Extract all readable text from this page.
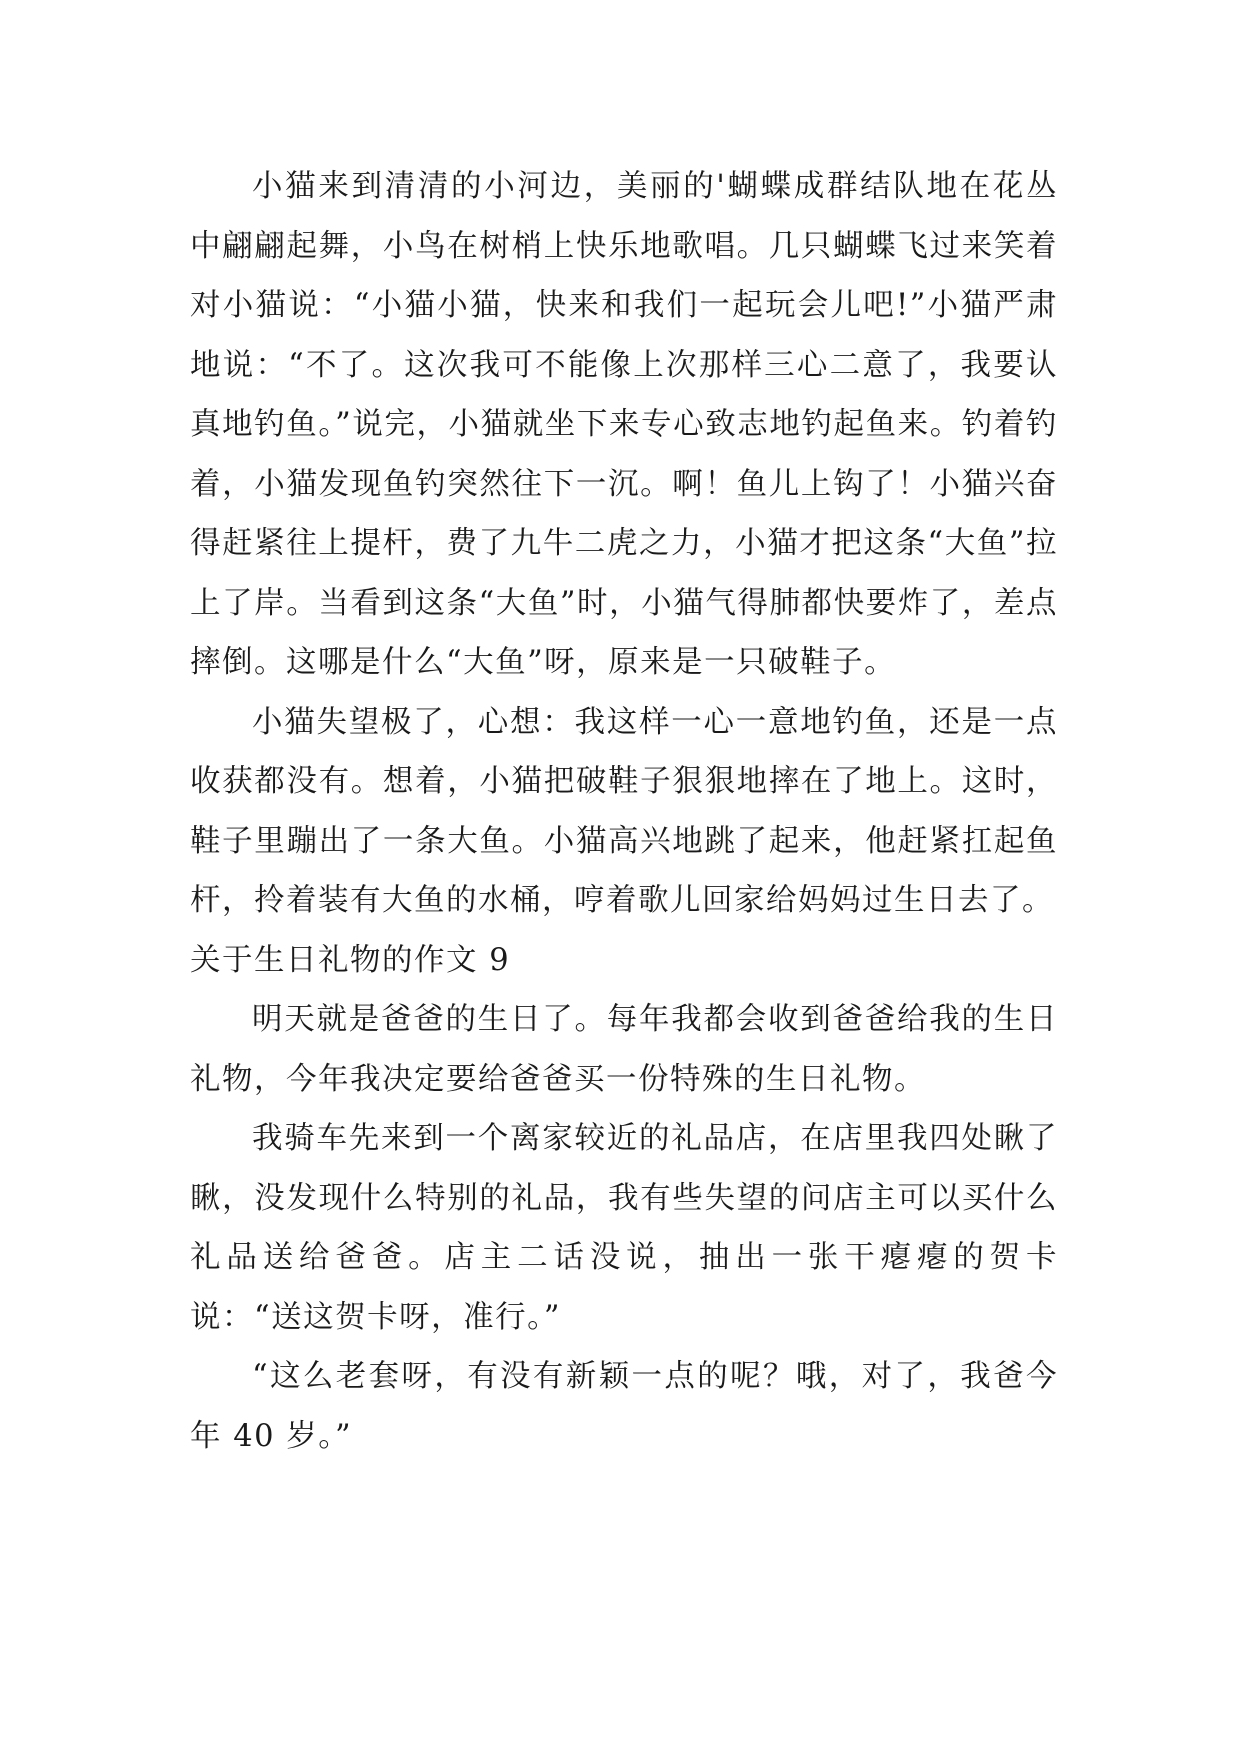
小猫来到清清的小河边，美丽的'蝴蝶成群结队地在花丛中翩翩起舞，小鸟在树梢上快乐地歌唱。几只蝴蝶飞过来笑着对小猫说：“小猫小猫，快来和我们一起玩会儿吧!”小猫严肃地说：“不了。这次我可不能像上次那样三心二意了，我要认真地钓鱼。”说完，小猫就坐下来专心致志地钓起鱼来。钓着钓着，小猫发现鱼钓突然往下一沉。啊！鱼儿上钩了！小猫兴奋得赶紧往上提杆，费了九牛二虎之力，小猫才把这条“大鱼”拉上了岸。当看到这条“大鱼”时，小猫气得肺都快要炸了，差点摔倒。这哪是什么“大鱼”呀，原来是一只破鞋子。

小猫失望极了，心想：我这样一心一意地钓鱼，还是一点收获都没有。想着，小猫把破鞋子狠狠地摔在了地上。这时，鞋子里蹦出了一条大鱼。小猫高兴地跳了起来，他赶紧扛起鱼杆，拎着装有大鱼的水桶，哼着歌儿回家给妈妈过生日去了。

关于生日礼物的作文 9

明天就是爸爸的生日了。每年我都会收到爸爸给我的生日礼物，今年我决定要给爸爸买一份特殊的生日礼物。

我骑车先来到一个离家较近的礼品店，在店里我四处瞅了瞅，没发现什么特别的礼品，我有些失望的问店主可以买什么礼品送给爸爸。店主二话没说，抽出一张干瘪瘪的贺卡说：“送这贺卡呀，准行。”

“这么老套呀，有没有新颖一点的呢？哦，对了，我爸今年 40 岁。”
